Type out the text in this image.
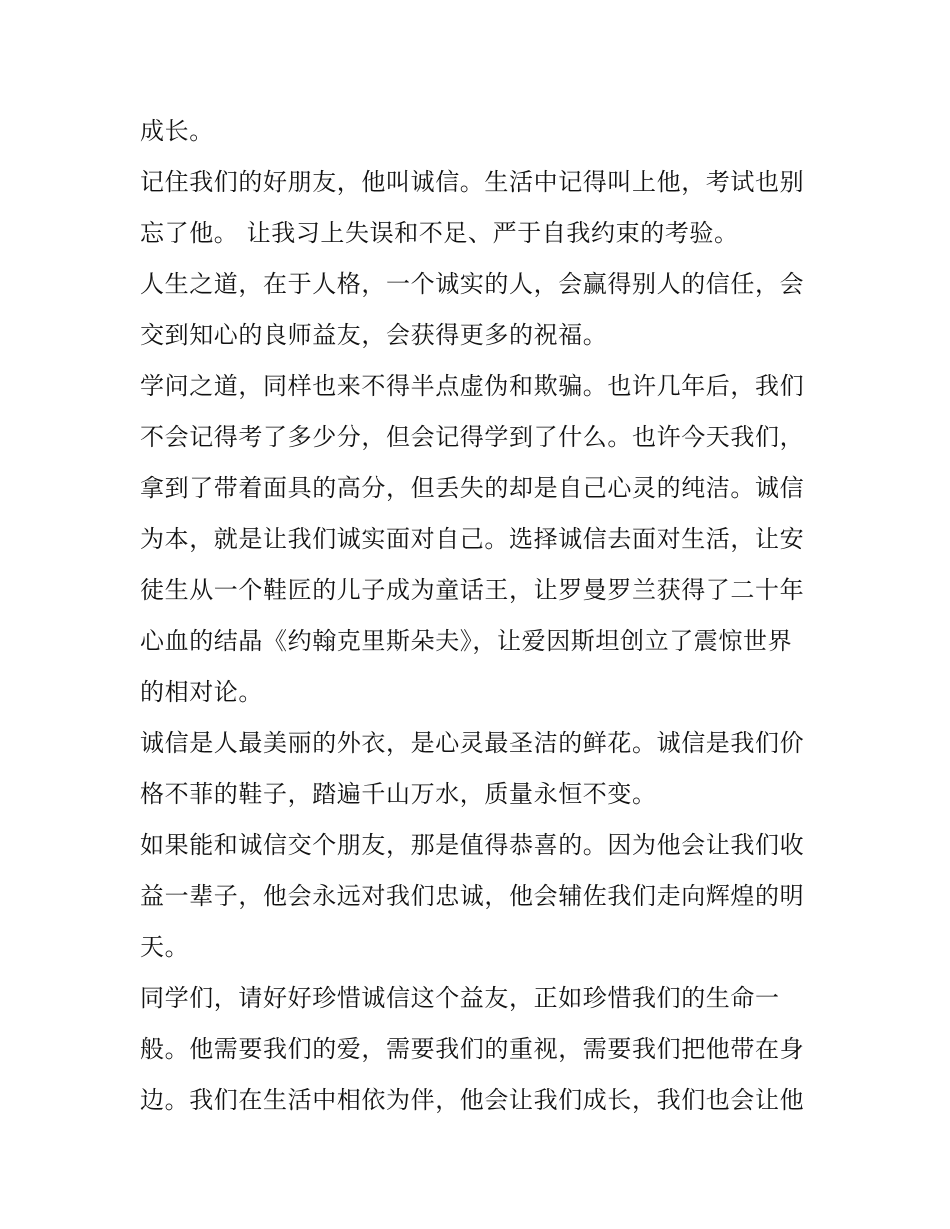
成长。
记住我们的好朋友，他叫诚信。生活中记得叫上他，考试也别
忘了他。 让我习上失误和不足、严于自我约束的考验。
人生之道，在于人格，一个诚实的人，会赢得别人的信任，会
交到知心的良师益友，会获得更多的祝福。
学问之道，同样也来不得半点虚伪和欺骗。也许几年后，我们
不会记得考了多少分，但会记得学到了什么。也许今天我们，
拿到了带着面具的高分，但丢失的却是自己心灵的纯洁。诚信
为本，就是让我们诚实面对自己。选择诚信去面对生活，让安
徒生从一个鞋匠的儿子成为童话王，让罗曼罗兰获得了二十年
心血的结晶《约翰克里斯朵夫》，让爱因斯坦创立了震惊世界
的相对论。
诚信是人最美丽的外衣，是心灵最圣洁的鲜花。诚信是我们价
格不菲的鞋子，踏遍千山万水，质量永恒不变。
如果能和诚信交个朋友，那是值得恭喜的。因为他会让我们收
益一辈子，他会永远对我们忠诚，他会辅佐我们走向辉煌的明
天。
同学们，请好好珍惜诚信这个益友，正如珍惜我们的生命一
般。他需要我们的爱，需要我们的重视，需要我们把他带在身
边。我们在生活中相依为伴，他会让我们成长，我们也会让他
